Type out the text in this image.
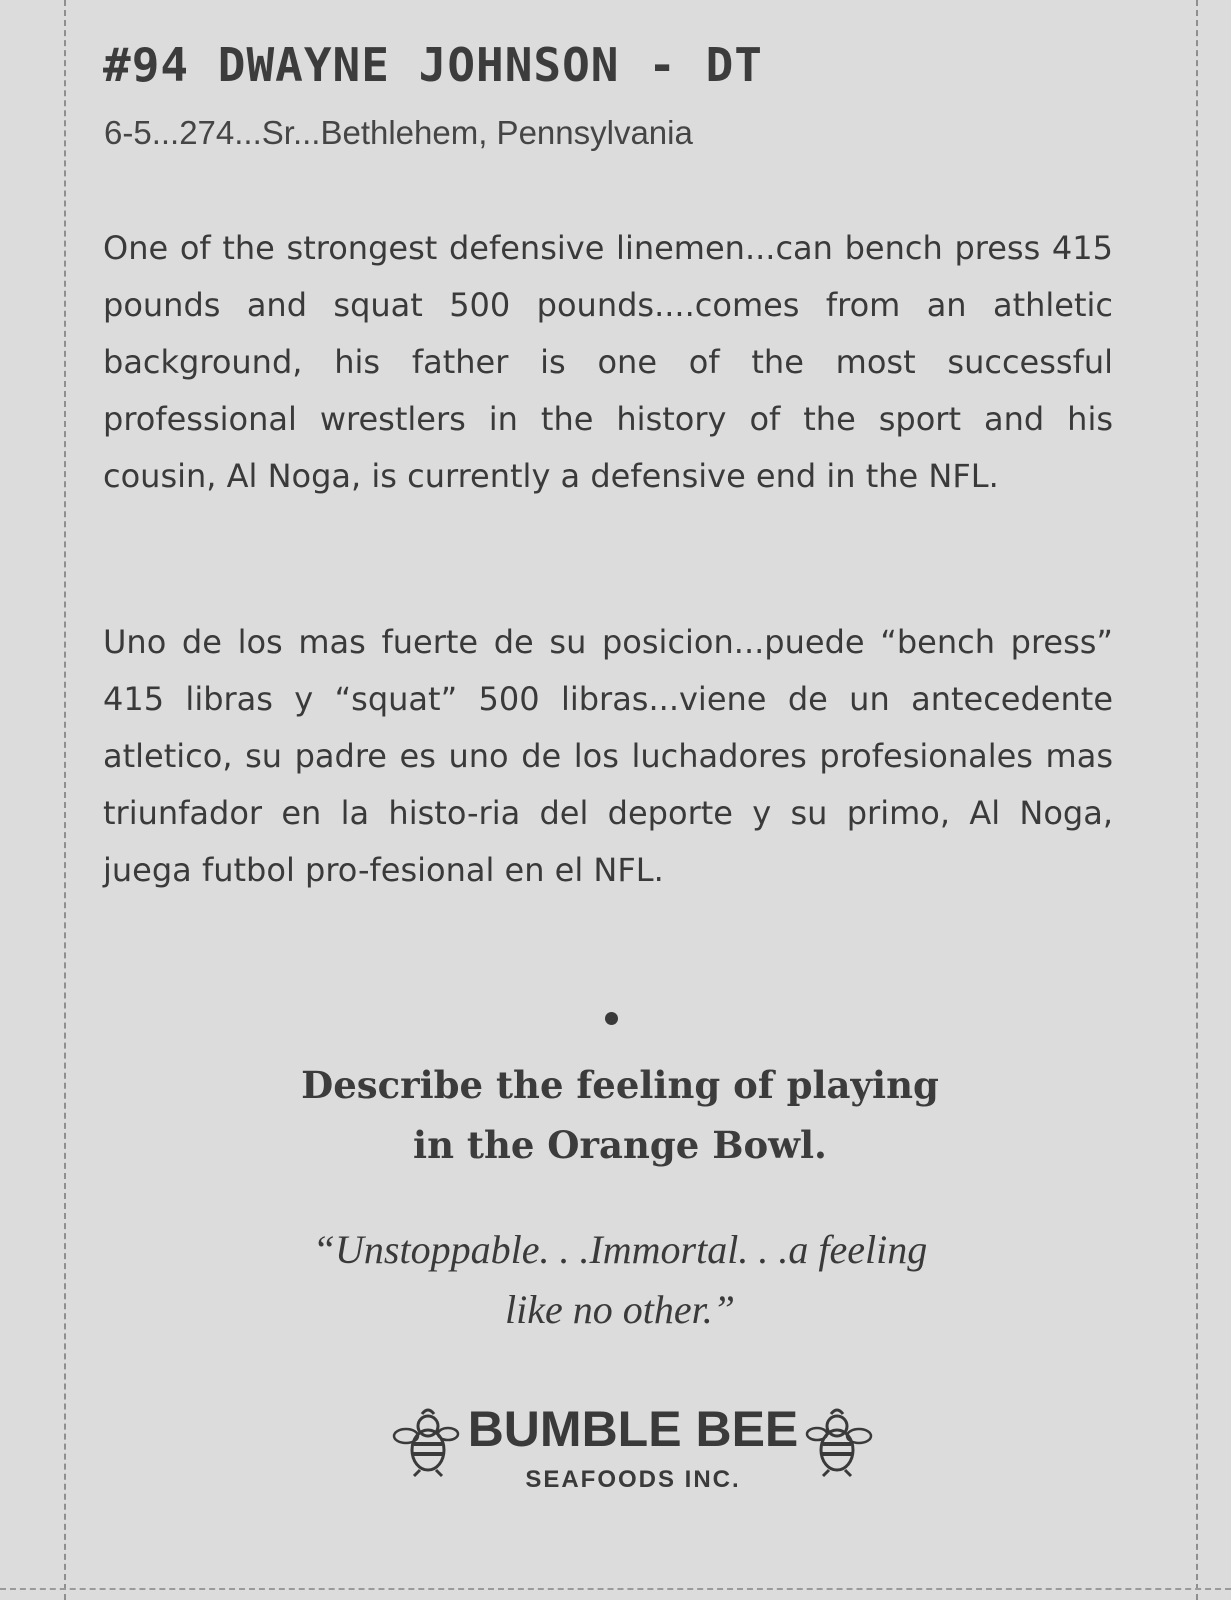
#94 DWAYNE JOHNSON - DT
6-5...274...Sr...Bethlehem, Pennsylvania

One of the strongest defensive linemen...can bench press 415 pounds and squat 500 pounds....comes from an athletic background, his father is one of the most successful professional wrestlers in the history of the sport and his cousin, Al Noga, is currently a defensive end in the NFL.

Uno de los mas fuerte de su posicion...puede “bench press” 415 libras y “squat” 500 libras...viene de un antecedente atletico, su padre es uno de los luchadores profesionales mas triunfador en la histo-ria del deporte y su primo, Al Noga, juega futbol pro-fesional en el NFL.

Describe the feeling of playing
in the Orange Bowl.
“Unstoppable. . .Immortal. . .a feeling
like no other.”
BUMBLE BEE
SEAFOODS INC.
